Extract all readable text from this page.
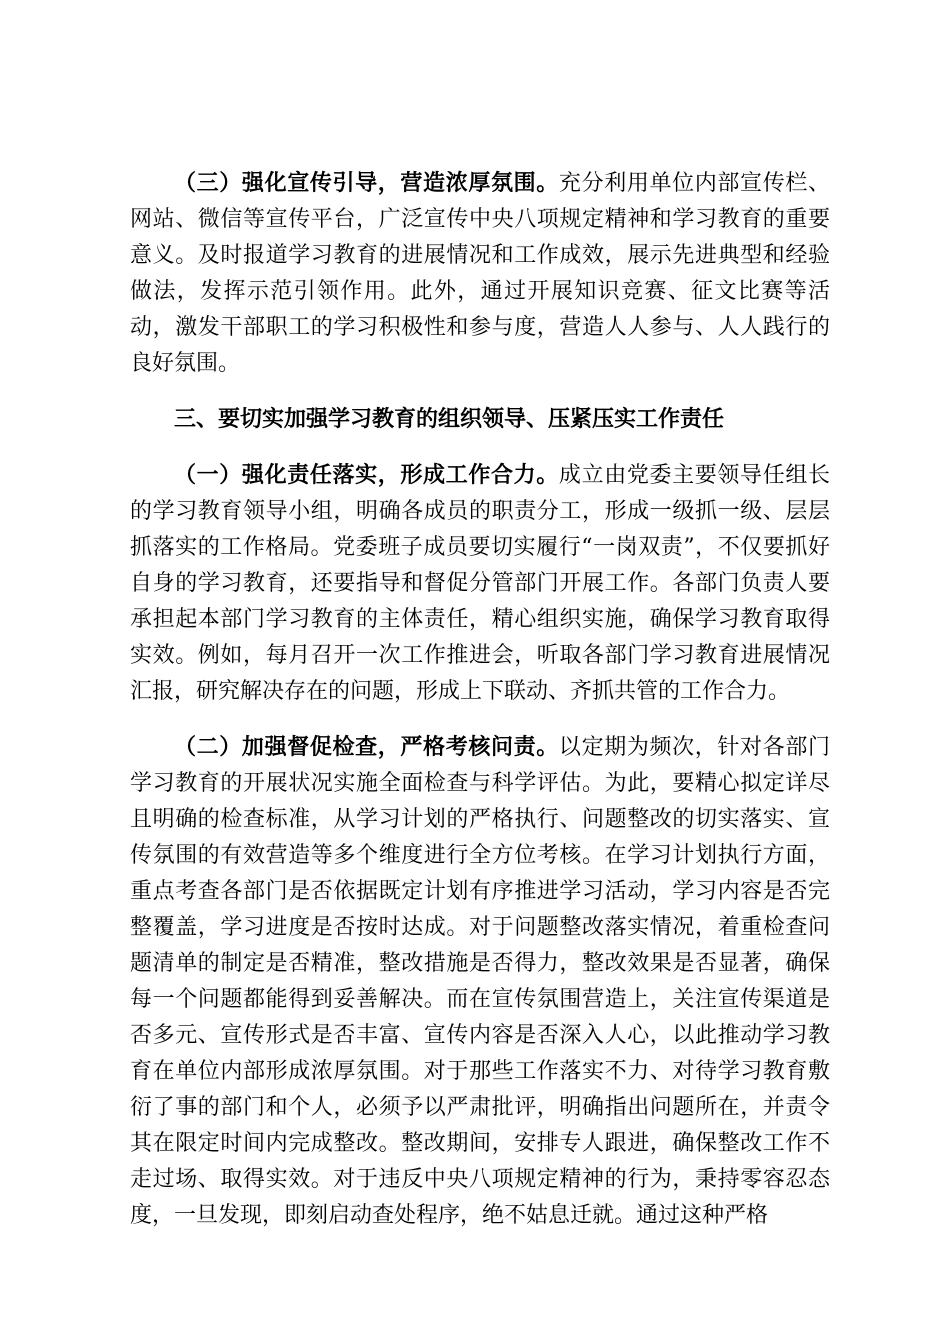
（三）强化宣传引导，营造浓厚氛围。充分利用单位内部宣传栏、网站、微信等宣传平台，广泛宣传中央八项规定精神和学习教育的重要意义。及时报道学习教育的进展情况和工作成效，展示先进典型和经验做法，发挥示范引领作用。此外，通过开展知识竞赛、征文比赛等活动，激发干部职工的学习积极性和参与度，营造人人参与、人人践行的良好氛围。

三、要切实加强学习教育的组织领导、压紧压实工作责任

（一）强化责任落实，形成工作合力。成立由党委主要领导任组长的学习教育领导小组，明确各成员的职责分工，形成一级抓一级、层层抓落实的工作格局。党委班子成员要切实履行“一岗双责”，不仅要抓好自身的学习教育，还要指导和督促分管部门开展工作。各部门负责人要承担起本部门学习教育的主体责任，精心组织实施，确保学习教育取得实效。例如，每月召开一次工作推进会，听取各部门学习教育进展情况汇报，研究解决存在的问题，形成上下联动、齐抓共管的工作合力。

（二）加强督促检查，严格考核问责。以定期为频次，针对各部门学习教育的开展状况实施全面检查与科学评估。为此，要精心拟定详尽且明确的检查标准，从学习计划的严格执行、问题整改的切实落实、宣传氛围的有效营造等多个维度进行全方位考核。在学习计划执行方面，重点考查各部门是否依据既定计划有序推进学习活动，学习内容是否完整覆盖，学习进度是否按时达成。对于问题整改落实情况，着重检查问题清单的制定是否精准，整改措施是否得力，整改效果是否显著，确保每一个问题都能得到妥善解决。而在宣传氛围营造上，关注宣传渠道是否多元、宣传形式是否丰富、宣传内容是否深入人心，以此推动学习教育在单位内部形成浓厚氛围。对于那些工作落实不力、对待学习教育敷衍了事的部门和个人，必须予以严肃批评，明确指出问题所在，并责令其在限定时间内完成整改。整改期间，安排专人跟进，确保整改工作不走过场、取得实效。对于违反中央八项规定精神的行为，秉持零容忍态度，一旦发现，即刻启动查处程序，绝不姑息迁就。通过这种严格
